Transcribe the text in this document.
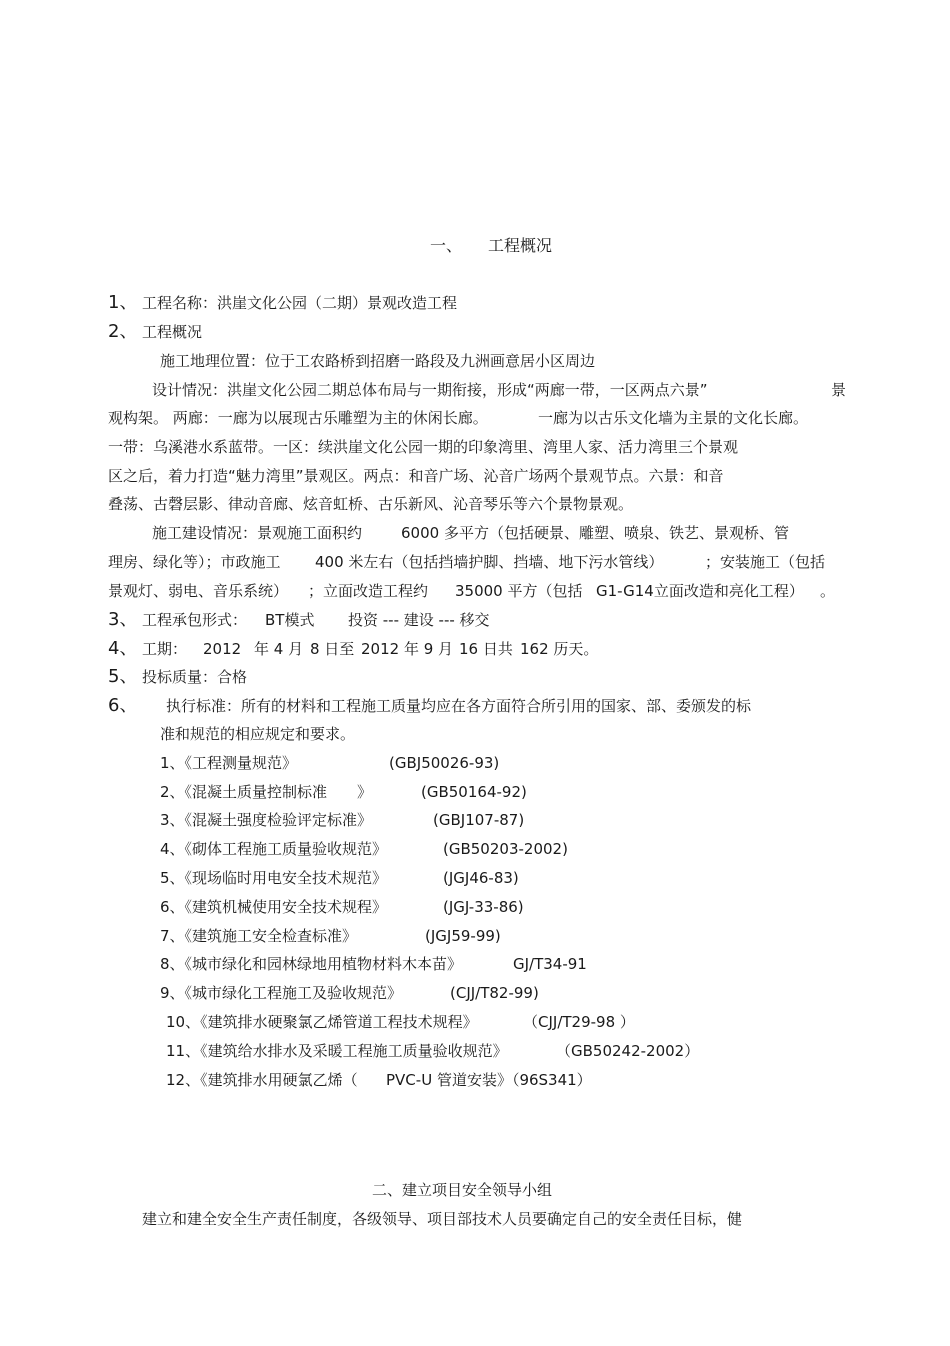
一、 工程概况
1、 工程名称：洪崖文化公园（二期）景观改造工程
2、 工程概况
施工地理位置：位于工农路桥到招磨一路段及九洲画意居小区周边
设计情况：洪崖文化公园二期总体布局与一期衔接，形成“两廊一带，一区两点六景”	景
观构架。 两廊：一廊为以展现古乐雕塑为主的休闲长廊。	一廊为以古乐文化墙为主景的文化长廊。
一带：乌溪港水系蓝带。一区：续洪崖文化公园一期的印象湾里、湾里人家、活力湾里三个景观
区之后，着力打造“魅力湾里”景观区。两点：和音广场、沁音广场两个景观节点。六景：和音
叠荡、古磬层影、律动音廊、炫音虹桥、古乐新风、沁音琴乐等六个景物景观。
施工建设情况：景观施工面积约	6000 多平方（包括硬景、雕塑、喷泉、铁艺、景观桥、管
理房、绿化等）；市政施工 400 米左右（包括挡墙护脚、挡墙、地下污水管线）	；安装施工（包括
景观灯、弱电、音乐系统） ；立面改造工程约 35000 平方（包括 G1-G14立面改造和亮化工程） 。
3、 工程承包形式： BT模式 投资 --- 建设 --- 移交
4、 工期： 2012 年 4 月 8 日至 2012 年 9 月 16 日共 162 历天。
5、 投标质量：合格
6、 执行标准：所有的材料和工程施工质量均应在各方面符合所引用的国家、部、委颁发的标
准和规范的相应规定和要求。
1、《工程测量规范》	(GBJ50026-93)
2、《混凝土质量控制标准　　》	(GB50164-92)
3、《混凝土强度检验评定标准》	(GBJ107-87)
4、《砌体工程施工质量验收规范》	(GB50203-2002)
5、《现场临时用电安全技术规范》	(JGJ46-83)
6、《建筑机械使用安全技术规程》	(JGJ-33-86)
7、《建筑施工安全检查标准》	(JGJ59-99)
8、《城市绿化和园林绿地用植物材料木本苗》	GJ/T34-91
9、《城市绿化工程施工及验收规范》	(CJJ/T82-99)
10、《建筑排水硬聚氯乙烯管道工程技术规程》	（CJJ/T29-98 ）
11、《建筑给水排水及采暖工程施工质量验收规范》	（GB50242-2002）
12、《建筑排水用硬氯乙烯（ PVC-U 管道安装》（96S341）
二、建立项目安全领导小组
建立和建全安全生产责任制度，各级领导、项目部技术人员要确定自己的安全责任目标，健
